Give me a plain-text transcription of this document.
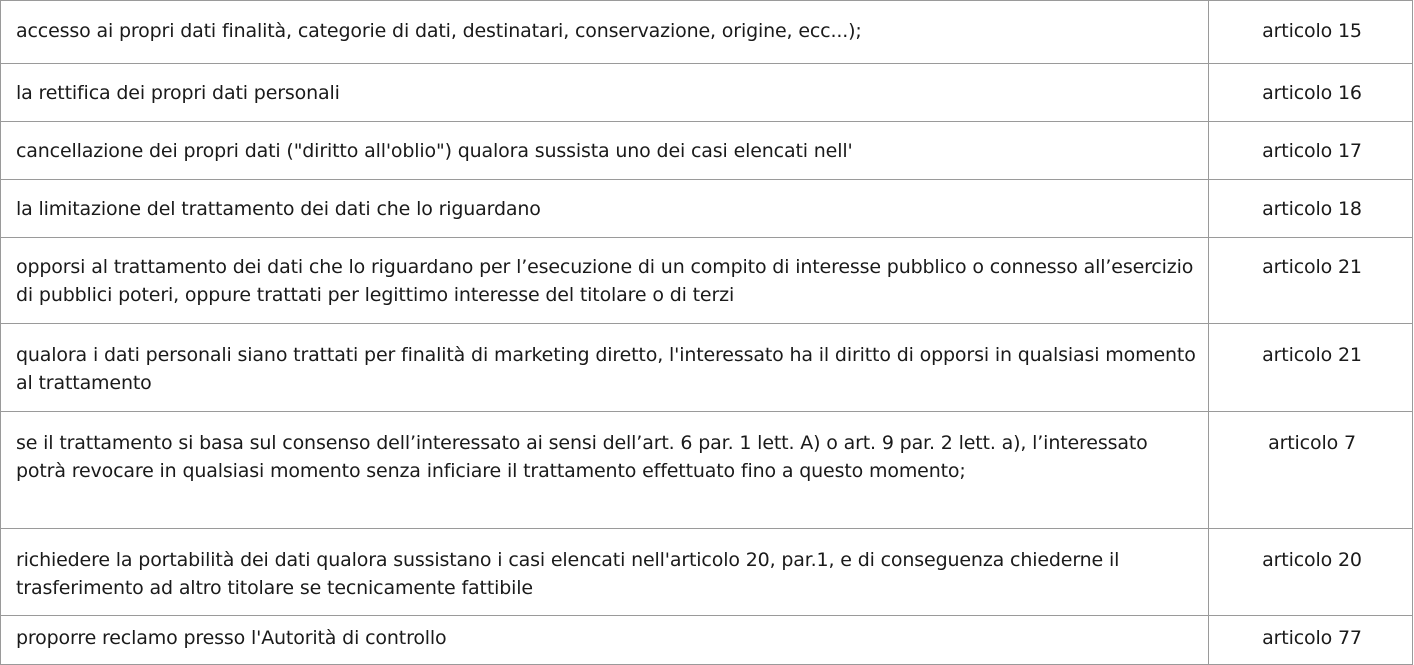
accesso ai propri dati finalità, categorie di dati, destinatari, conservazione, origine, ecc...);	articolo 15
la rettifica dei propri dati personali	articolo 16
cancellazione dei propri dati ("diritto all'oblio") qualora sussista uno dei casi elencati nell'	articolo 17
la limitazione del trattamento dei dati che lo riguardano	articolo 18
opporsi al trattamento dei dati che lo riguardano per l’esecuzione di un compito di interesse pubblico o connesso all’esercizio di pubblici poteri, oppure trattati per legittimo interesse del titolare o di terzi	articolo 21
qualora i dati personali siano trattati per finalità di marketing diretto, l'interessato ha il diritto di opporsi in qualsiasi momento al trattamento	articolo 21
se il trattamento si basa sul consenso dell’interessato ai sensi dell’art. 6 par. 1 lett. A) o art. 9 par. 2 lett. a), l’interessato potrà revocare in qualsiasi momento senza inficiare il trattamento effettuato fino a questo momento;	articolo 7
richiedere la portabilità dei dati qualora sussistano i casi elencati nell'articolo 20, par.1, e di conseguenza chiederne il trasferimento ad altro titolare se tecnicamente fattibile	articolo 20
proporre reclamo presso l'Autorità di controllo	articolo 77
